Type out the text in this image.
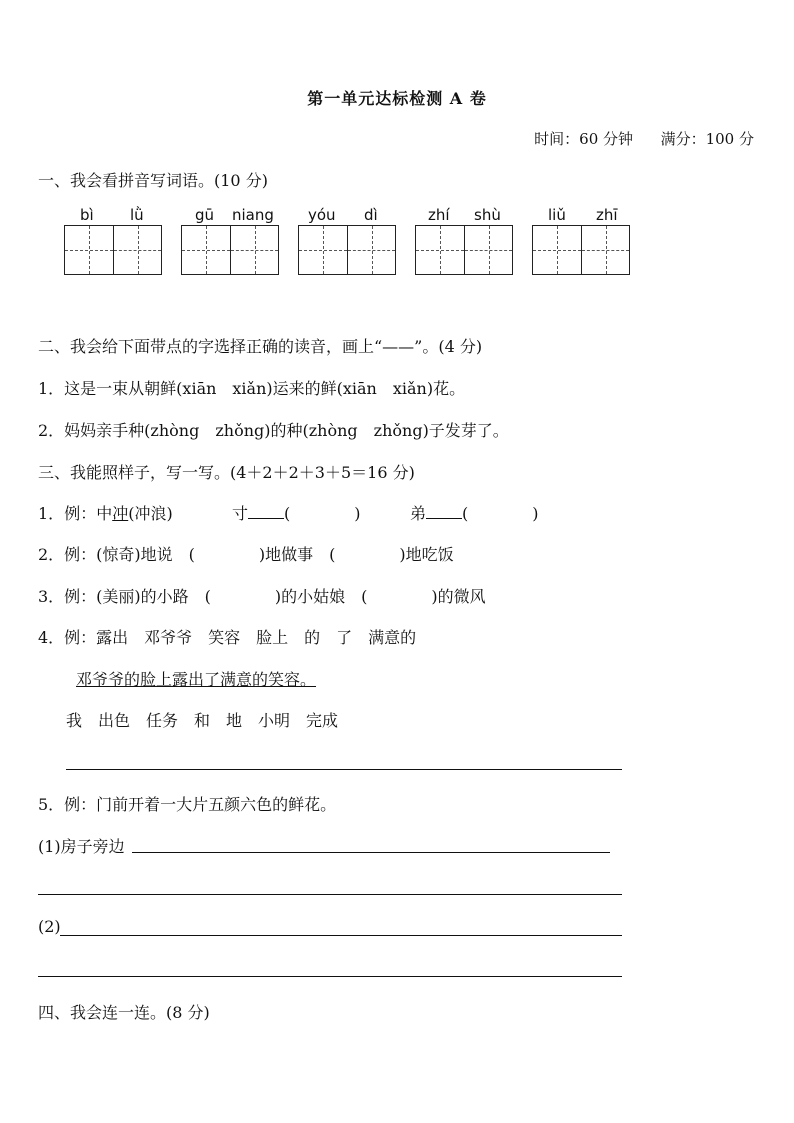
第一单元达标检测 A 卷
时间：60 分钟 满分：100 分
一、我会看拼音写词语。(10 分)
bì lǜ	gū niang yóu dì	zhí shù	liǔ zhī
二、我会给下面带点的字选择正确的读音，画上“——”。(4 分)
1．这是一束从朝鲜(xiān　xiǎn)运来的鲜(xiān　xiǎn)花。
2．妈妈亲手种(zhòng　zhǒng)的种(zhòng　zhǒng)子发芽了。
三、我能照样子，写一写。(4＋2＋2＋3＋5＝16 分)
1．例：中冲(冲浪)	寸 (　　　　)	弟 (　　　　)
2．例：(惊奇)地说　(　　　　)地做事　(　　　　)地吃饭
3．例：(美丽)的小路　(　　　　)的小姑娘　(　　　　)的微风
4．例：露出　邓爷爷　笑容　脸上　的　了　满意的
邓爷爷的脸上露出了满意的笑容。
我　出色　任务　和　地　小明　完成
5．例：门前开着一大片五颜六色的鲜花。
(1)房子旁边
(2)
四、我会连一连。(8 分)
